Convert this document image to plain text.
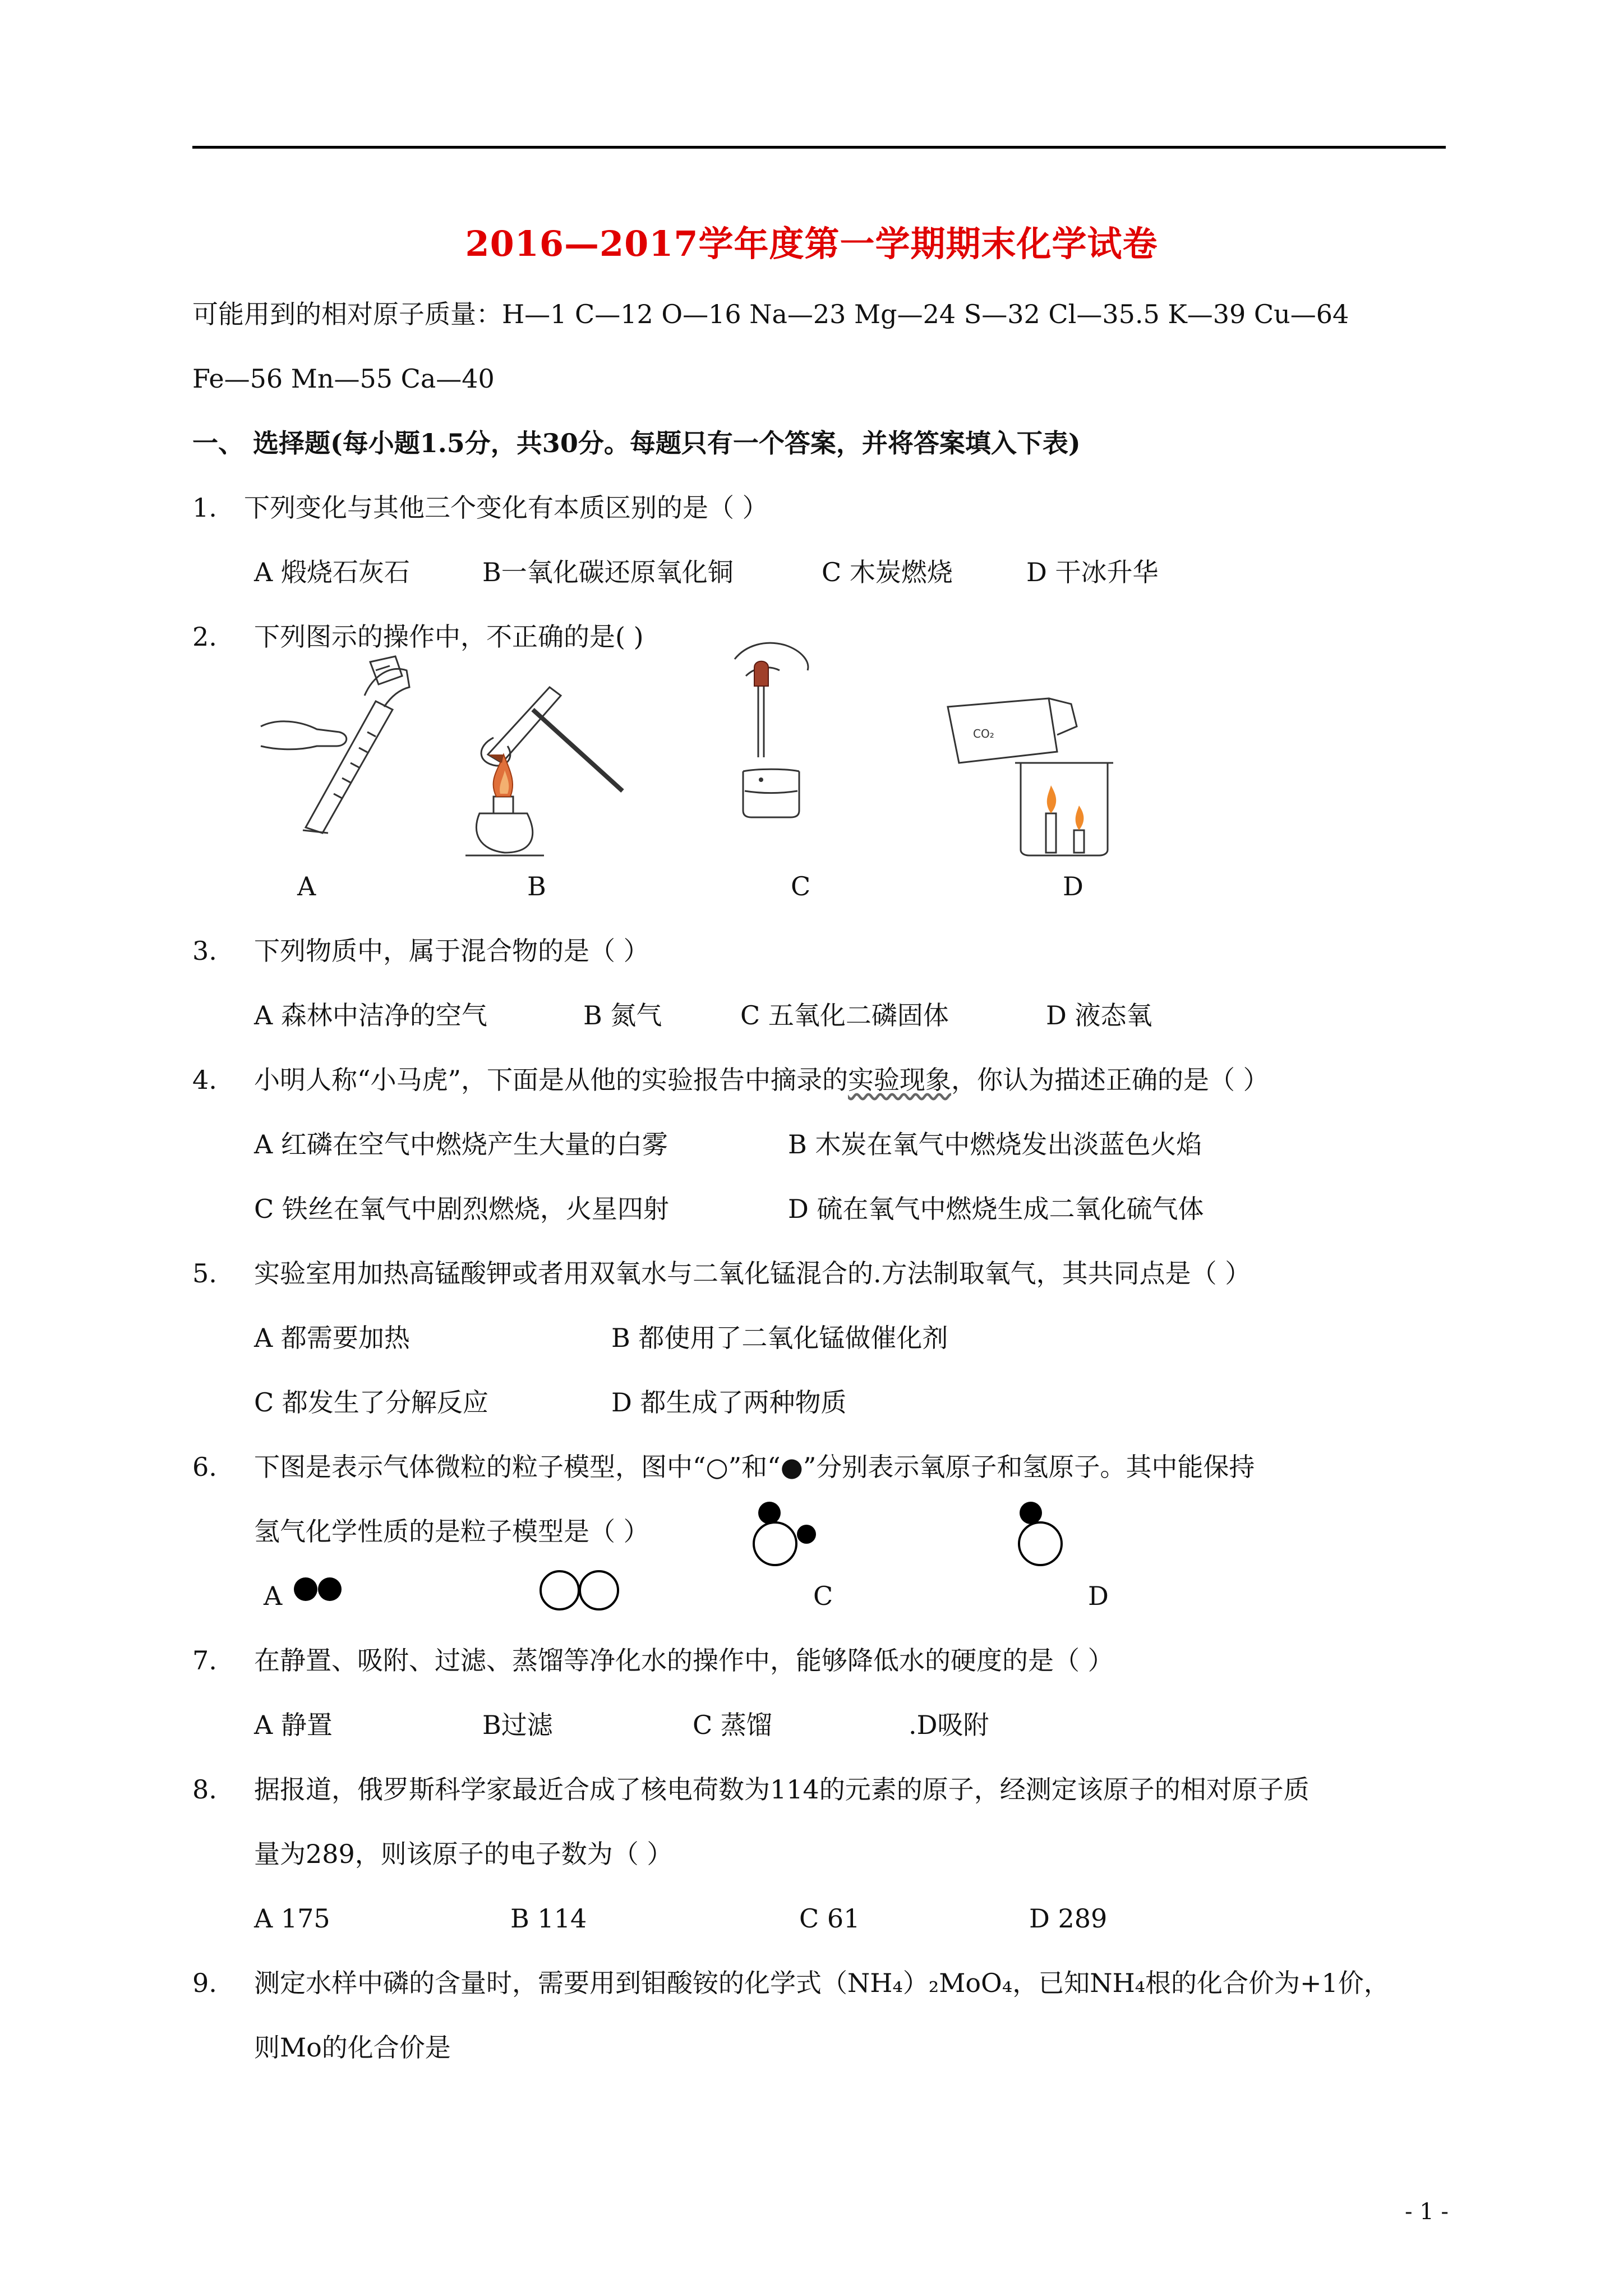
2016—2017学年度第一学期期末化学试卷
可能用到的相对原子质量：H—1 C—12 O—16 Na—23 Mg—24 S—32 Cl—35.5 K—39 Cu—64
Fe—56 Mn—55 Ca—40
一、 选择题(每小题1.5分，共30分。每题只有一个答案，并将答案填入下表)
1. 下列变化与其他三个变化有本质区别的是（ ）
A 煅烧石灰石	B一氧化碳还原氧化铜	C 木炭燃烧	D 干冰升华
2. 下列图示的操作中，不正确的是( )
A	B	C
CO₂
D
3. 下列物质中，属于混合物的是（ ）
A 森林中洁净的空气	B 氮气	C 五氧化二磷固体	D 液态氧
4. 小明人称“小马虎”，下面是从他的实验报告中摘录的实验现象，你认为描述正确的是（ ）
A 红磷在空气中燃烧产生大量的白雾	B 木炭在氧气中燃烧发出淡蓝色火焰
C 铁丝在氧气中剧烈燃烧，火星四射	D 硫在氧气中燃烧生成二氧化硫气体
5. 实验室用加热高锰酸钾或者用双氧水与二氧化锰混合的.方法制取氧气，其共同点是（ ）
A 都需要加热	B 都使用了二氧化锰做催化剂
C 都发生了分解反应	D 都生成了两种物质
6. 下图是表示气体微粒的粒子模型，图中“○”和“●”分别表示氧原子和氢原子。其中能保持
氢气化学性质的是粒子模型是（ ）
A	C	D
7. 在静置、吸附、过滤、蒸馏等净化水的操作中，能够降低水的硬度的是（ ）
A 静置	B过滤	C 蒸馏	.D吸附
8. 据报道，俄罗斯科学家最近合成了核电荷数为114的元素的原子，经测定该原子的相对原子质
量为289，则该原子的电子数为（ ）
A 175	B 114	C 61	D 289
9. 测定水样中磷的含量时，需要用到钼酸铵的化学式（NH₄）₂MoO₄，已知NH₄根的化合价为+1价，
则Mo的化合价是
- 1 -
